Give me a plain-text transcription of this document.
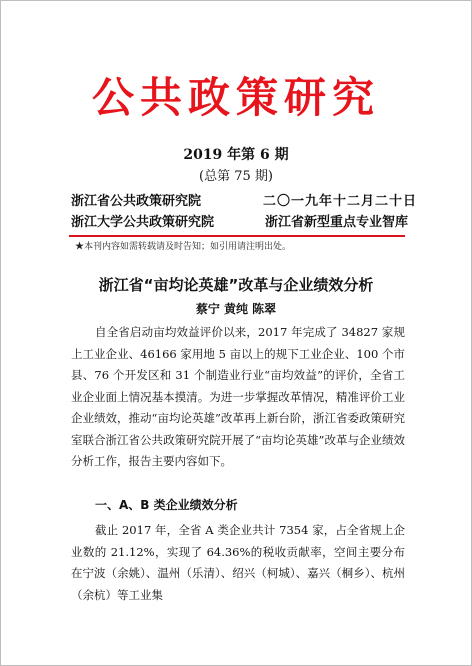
公共政策研究
2019 年第 6 期
(总第 75 期)
浙江省公共政策研究院	二〇一九年十二月二十日
浙江大学公共政策研究院	浙江省新型重点专业智库
★本刊内容如需转载请及时告知；如引用请注明出处。
浙江省“亩均论英雄”改革与企业绩效分析
蔡宁 黄纯 陈翠

自全省启动亩均效益评价以来，2017 年完成了 34827 家规上工业企业、46166 家用地 5 亩以上的规下工业企业、100 个市县、76 个开发区和 31 个制造业行业“亩均效益”的评价，全省工业企业面上情况基本摸清。为进一步掌握改革情况，精准评价工业企业绩效，推动“亩均论英雄”改革再上新台阶，浙江省委政策研究室联合浙江省公共政策研究院开展了“亩均论英雄”改革与企业绩效分析工作，报告主要内容如下。

一、A、B 类企业绩效分析

截止 2017 年，全省 A 类企业共计 7354 家，占全省规上企业数的 21.12%，实现了 64.36%的税收贡献率，空间主要分布在宁波（余姚）、温州（乐清）、绍兴（柯城）、嘉兴（桐乡）、杭州（余杭）等工业集
